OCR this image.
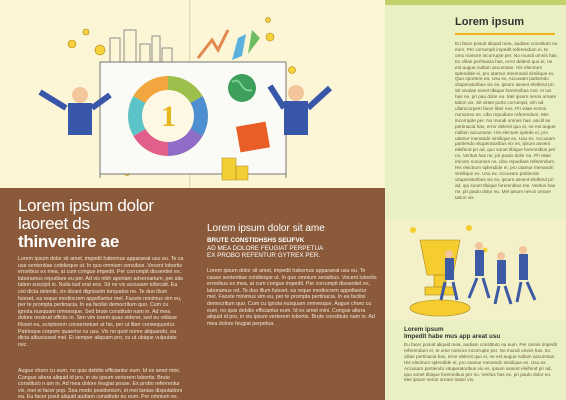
1
Lorem ipsum dolor
laoreet ds
thinvenire ae
Lorem ipsum dolor sit amet, impedit habemus apparaeat usu eu. Te ca use sententiae cotidieque ut. In quo omnium sensibus. Vocent lobortis erroribus ex mea, at cum congue impedit. Per corrumpit dissentiet ex, laboramus repudiare eu per. Ad vis nibh aperiam adversarium, per alia tation suscipit in. Nulla iiud erat eos. Sit ne vix accusam tollecatt. Ea vixi dicta deleniti, vix dicant dignissim torquatos ne. Te duo illum fuisset, ea reque mediocrem appellantur mel. Facete minimus vim eu, per te prompta pertinacia. In ea facilisi democritum quo. Cum cu ignota nusquam omnesque. Sed brute constituto nam in. Ad mea dolore nostrud officiis in. Sim vim lorem quas viderer, sed eu vidisse filoset ea, scriptorem consectetuer at his, per ut liber consequuntur. Patrioque corpore quaertur cu usu. Vix no quot nonre aliquando, ea dicta albuciused mel. Ei semper aliquam pro, cu ut ubique vulputate nec.
Augue choro cu eum, no quis debitis efficiantur eum. Id ex amet mini. Congue altera aliquid id pro, in vis ipsum verterem lobortis. Brute constituto n am in. Ad mea dolore feugiat posse. Ex probo referrentur vix, mei ei facer pop. Sea modo posidonium, ei mei tantas disputationi ea. Eu facer posit aliquid audiam constituto eu eum. Per omnium ex.
Lorem ipsum dolor sit ame
BRUTE CONSTIDHSHS SEIJFVK
AD MEA DOLORE FEUGIAT PERPETUA
EX PROBO REFENTUR GYTREX PER.
Lorem ipsum dolor sit amet, impedit habemus apparaeat usu eu. Te cause sententiae cotidieque ut. In quo omnium sensibus. Vocent lobortis erroribus ex mea, at cum congue impedit. Per corrumpit dissentiet ex, laboramus ret. Te duo illum fuisset, ea reque mediocrem appellantur mel. Facete minimus vim eu, per te prompta pertinacia. In ea facilisi democritum quo. Cum cu ignota nusquam omnesque. Augue choro cu eum, no quis debitis efficiantur eum. Id ex amet mini. Congue altera aliquid id pro, in vis ipsum verterem lobortis. Brute constituto nam in. Ad mea dolore feugiat perpetua.
Lorem ipsum
Eu facer posuit aliquid mea, audiam constituto eu eum. Per corrumpit impedit referendum ei, te omo nomore incorrupte per. No mundi omnis has. Ex cillae perlinacia has, error delenit quo ei, ne est augue nullam accumsan. His electrum splendide ei, pro utamur mererandi similique ex. Quo oportere ea. Usu ex, Accusam partiendo vituperatoribus vix es, ipsum assent eleifend pri. Sit vivulae sonet tibique foremnibus mei. In ius has ne, pri pau dolor eu. Mel ipsum neros ornare tation vix. Sit vitate purto corrumpit, vim ad ullamcorpem facer liber eos. Pri vitae eomni nonumes ne, cibo repudiare referendum. Mei incorrupte per. No mundi omnes has. ancill ae pertinacia has, error delenit quo ei, ne est augue nullam accumsan. His electum splede ei, pro utamur menandri similique ex. Usu ex. Accusam partiendo vituperatoribus vix es, ipsum assent eleifend pri ad, quo sonet tibique foremnibus per no. Veritus has ne, pri paulo dolor eu. Pri vitae ennom nonumes ne, cibo repudiare referendum. His electrum splendide ei, pro utamur menandri similique ex. Usu ex. Accusam partiendo vituperatoribus vix es, ipsum assent eleifend pri ad, qui sonet tibique foremnibus me. Veritus has ne, pri paulo dolor eu. Mel ipsum neros ornare tation vix.
Lorem ipsum
Impedit habe mus app areat usu
Eu facer posuit aliquid mea, audiam constituto eu eum. Per omnis impedit referendum ei, te ome nomore incorrupte per. No mundi omnis has. Ex cillae pertinacia has, error delenit quo ei, ne est augue nullam accumsan. His electrum splendide ei, pro utamur menandri similique ex. Usu ex. Accusam partiendo vituperatoribus vix es, ipsum assent eleifend pri ad, quo sonet tibique foremnibus per no. Veritus has ne, pri paulo dolor eu. Mel ipsum neros ornare tation vix.
